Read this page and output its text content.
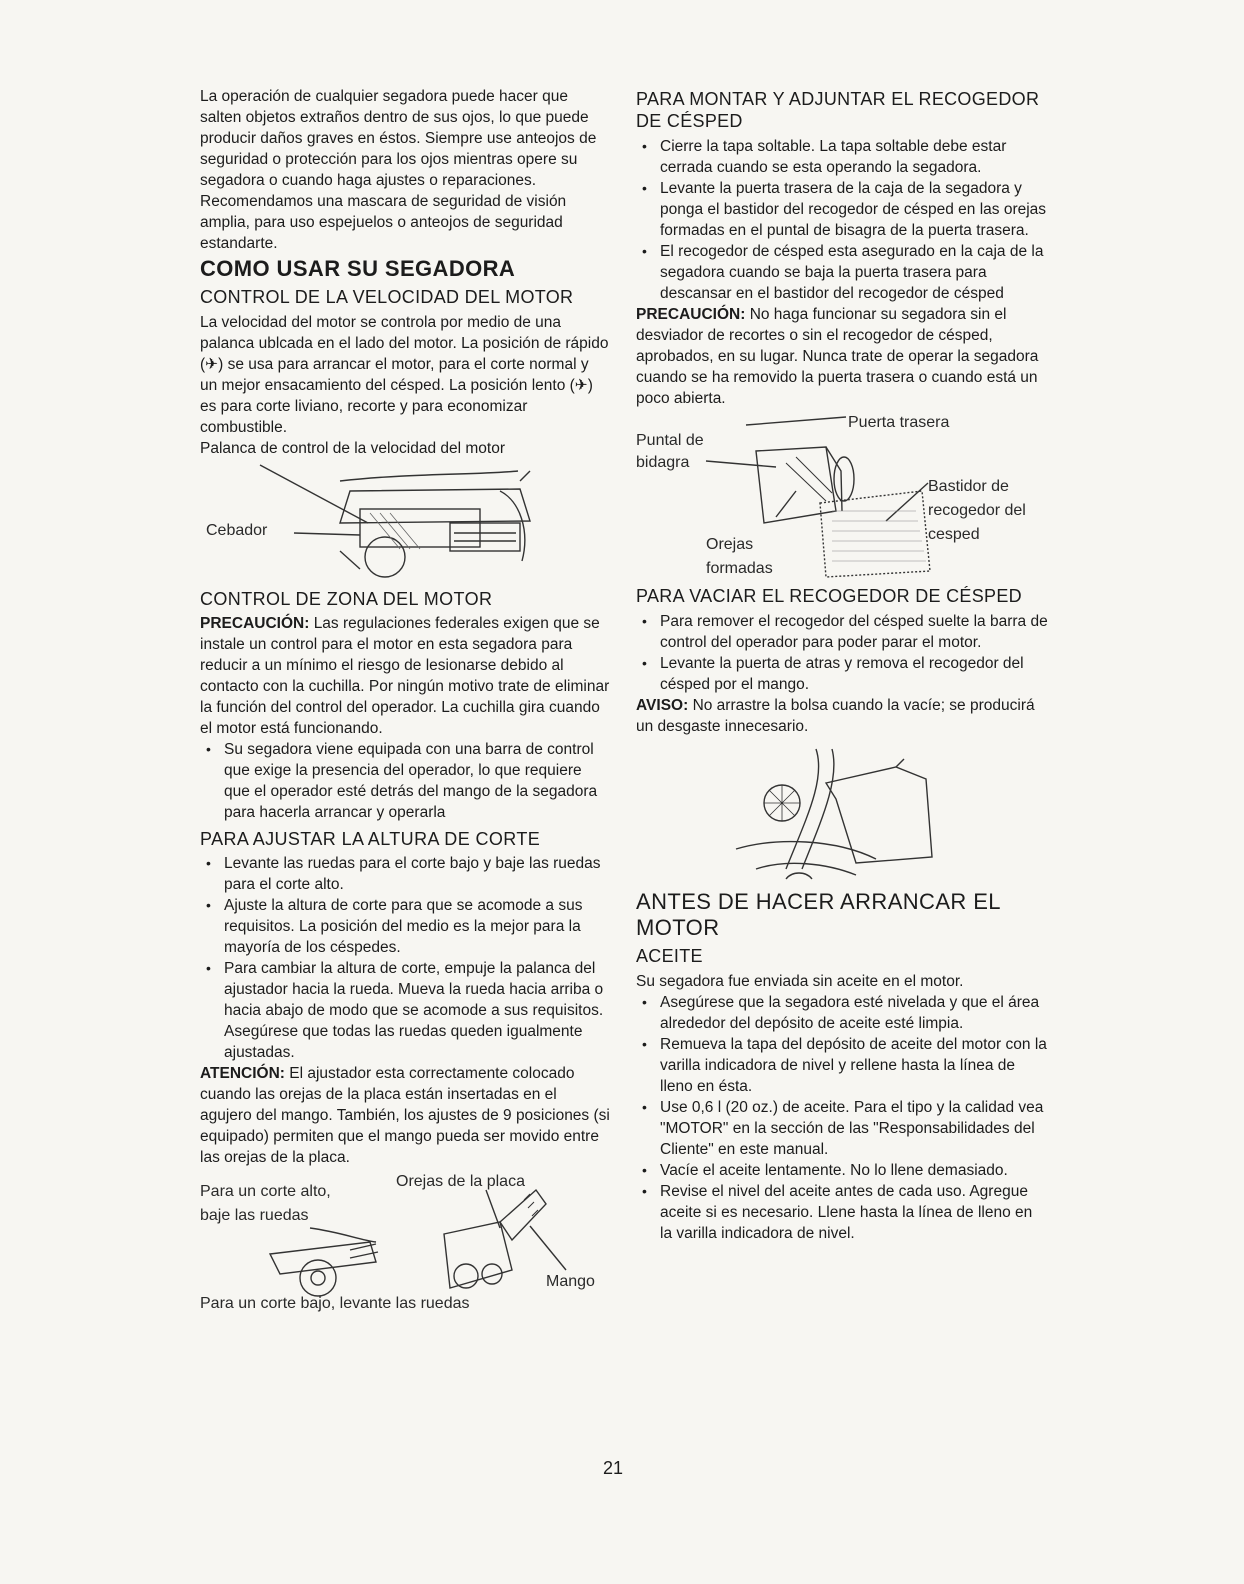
La operación de cualquier segadora puede hacer que salten objetos extraños dentro de sus ojos, lo que puede producir daños graves en éstos. Siempre use anteojos de seguridad o protección para los ojos mientras opere su segadora o cuando haga ajustes o reparaciones. Recomendamos una mascara de seguridad de visión amplia, para uso espejuelos o anteojos de seguridad estandarte.

COMO USAR SU SEGADORA
CONTROL DE LA VELOCIDAD DEL MOTOR

La velocidad del motor se controla por medio de una palanca ublcada en el lado del motor. La posición de rápido (✈) se usa para arrancar el motor, para el corte normal y un mejor ensacamiento del césped. La posición lento (✈) es para corte liviano, recorte y para economizar combustible.

Palanca de control de la velocidad del motor

Cebador
CONTROL DE ZONA DEL MOTOR

PRECAUCIÓN: Las regulaciones federales exigen que se instale un control para el motor en esta segadora para reducir a un mínimo el riesgo de lesionarse debido al contacto con la cuchilla. Por ningún motivo trate de eliminar la función del control del operador. La cuchilla gira cuando el motor está funcionando.

• Su segadora viene equipada con una barra de control que exige la presencia del operador, lo que requiere que el operador esté detrás del mango de la segadora para hacerla arrancar y operarla
PARA AJUSTAR LA ALTURA DE CORTE
• Levante las ruedas para el corte bajo y baje las ruedas para el corte alto.
• Ajuste la altura de corte para que se acomode a sus requisitos. La posición del medio es la mejor para la mayoría de los céspedes.
• Para cambiar la altura de corte, empuje la palanca del ajustador hacia la rueda. Mueva la rueda hacia arriba o hacia abajo de modo que se acomode a sus requisitos. Asegúrese que todas las ruedas queden igualmente ajustadas.

ATENCIÓN: El ajustador esta correctamente colocado cuando las orejas de la placa están insertadas en el agujero del mango. También, los ajustes de 9 posiciones (si equipado) permiten que el mango pueda ser movido entre las orejas de la placa.

Para un corte alto,
baje las ruedas
Orejas de la placa
Mango
Para un corte bajo, levante las ruedas
PARA MONTAR Y ADJUNTAR EL RECOGEDOR DE CÉSPED
• Cierre la tapa soltable. La tapa soltable debe estar cerrada cuando se esta operando la segadora.
• Levante la puerta trasera de la caja de la segadora y ponga el bastidor del recogedor de césped en las orejas formadas en el puntal de bisagra de la puerta trasera.
• El recogedor de césped esta asegurado en la caja de la segadora cuando se baja la puerta trasera para descansar en el bastidor del recogedor de césped

PRECAUCIÓN: No haga funcionar su segadora sin el desviador de recortes o sin el recogedor de césped, aprobados, en su lugar. Nunca trate de operar la segadora cuando se ha removido la puerta trasera o cuando está un poco abierta.

Puerta trasera
Puntal de
bidagra
Bastidor de
recogedor del
cesped
Orejas
formadas
PARA VACIAR EL RECOGEDOR DE CÉSPED
• Para remover el recogedor del césped suelte la barra de control del operador para poder parar el motor.
• Levante la puerta de atras y remova el recogedor del césped por el mango.

AVISO: No arrastre la bolsa cuando la vacíe; se producirá un desgaste innecesario.

ANTES DE HACER ARRANCAR EL MOTOR
ACEITE

Su segadora fue enviada sin aceite en el motor.

• Asegúrese que la segadora esté nivelada y que el área alrededor del depósito de aceite esté limpia.
• Remueva la tapa del depósito de aceite del motor con la varilla indicadora de nivel y rellene hasta la línea de lleno en ésta.
• Use 0,6 l (20 oz.) de aceite. Para el tipo y la calidad vea "MOTOR" en la sección de las "Responsabilidades del Cliente" en este manual.
• Vacíe el aceite lentamente. No lo llene demasiado.
• Revise el nivel del aceite antes de cada uso. Agregue aceite si es necesario. Llene hasta la línea de lleno en la varilla indicadora de nivel.
21
